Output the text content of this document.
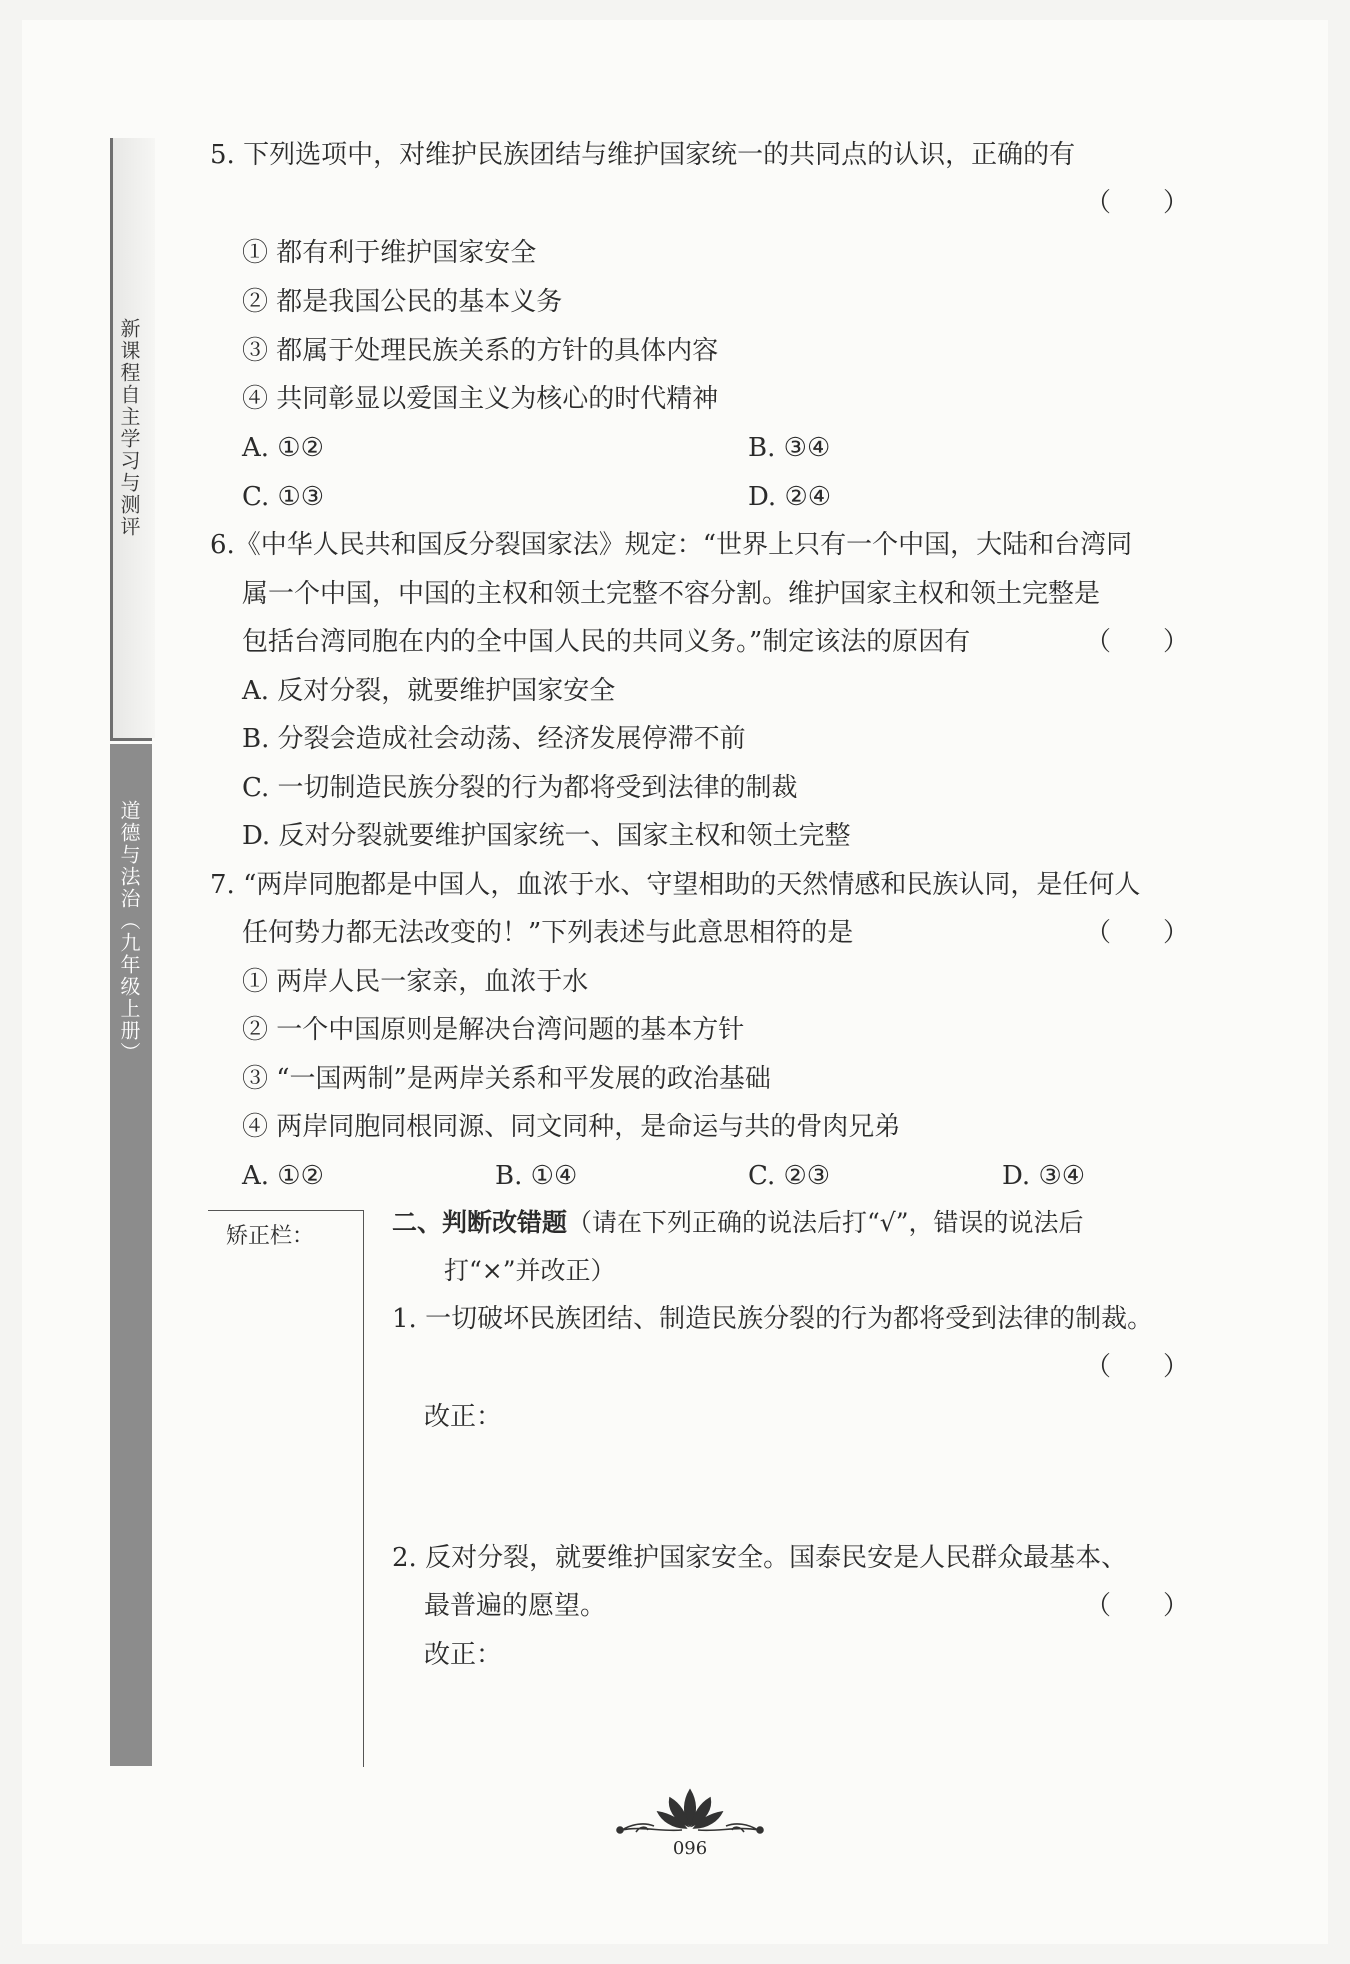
新课程自主学习与测评
道德与法治（九年级上册）
5. 下列选项中，对维护民族团结与维护国家统一的共同点的认识，正确的有
（　　）
① 都有利于维护国家安全
② 都是我国公民的基本义务
③ 都属于处理民族关系的方针的具体内容
④ 共同彰显以爱国主义为核心的时代精神
A. ①②	B. ③④
C. ①③	D. ②④
6.《中华人民共和国反分裂国家法》规定：“世界上只有一个中国，大陆和台湾同
属一个中国，中国的主权和领土完整不容分割。维护国家主权和领土完整是
包括台湾同胞在内的全中国人民的共同义务。”制定该法的原因有	（　　）
A. 反对分裂，就要维护国家安全
B. 分裂会造成社会动荡、经济发展停滞不前
C. 一切制造民族分裂的行为都将受到法律的制裁
D. 反对分裂就要维护国家统一、国家主权和领土完整
7. “两岸同胞都是中国人，血浓于水、守望相助的天然情感和民族认同，是任何人
任何势力都无法改变的！”下列表述与此意思相符的是	（　　）
① 两岸人民一家亲，血浓于水
② 一个中国原则是解决台湾问题的基本方针
③ “一国两制”是两岸关系和平发展的政治基础
④ 两岸同胞同根同源、同文同种，是命运与共的骨肉兄弟
A. ①②	B. ①④	C. ②③	D. ③④
矫正栏：	二、判断改错题（请在下列正确的说法后打“√”，错误的说法后
打“×”并改正）
1. 一切破坏民族团结、制造民族分裂的行为都将受到法律的制裁。
（　　）
改正：
2. 反对分裂，就要维护国家安全。国泰民安是人民群众最基本、
最普遍的愿望。	（　　）
改正：
096
